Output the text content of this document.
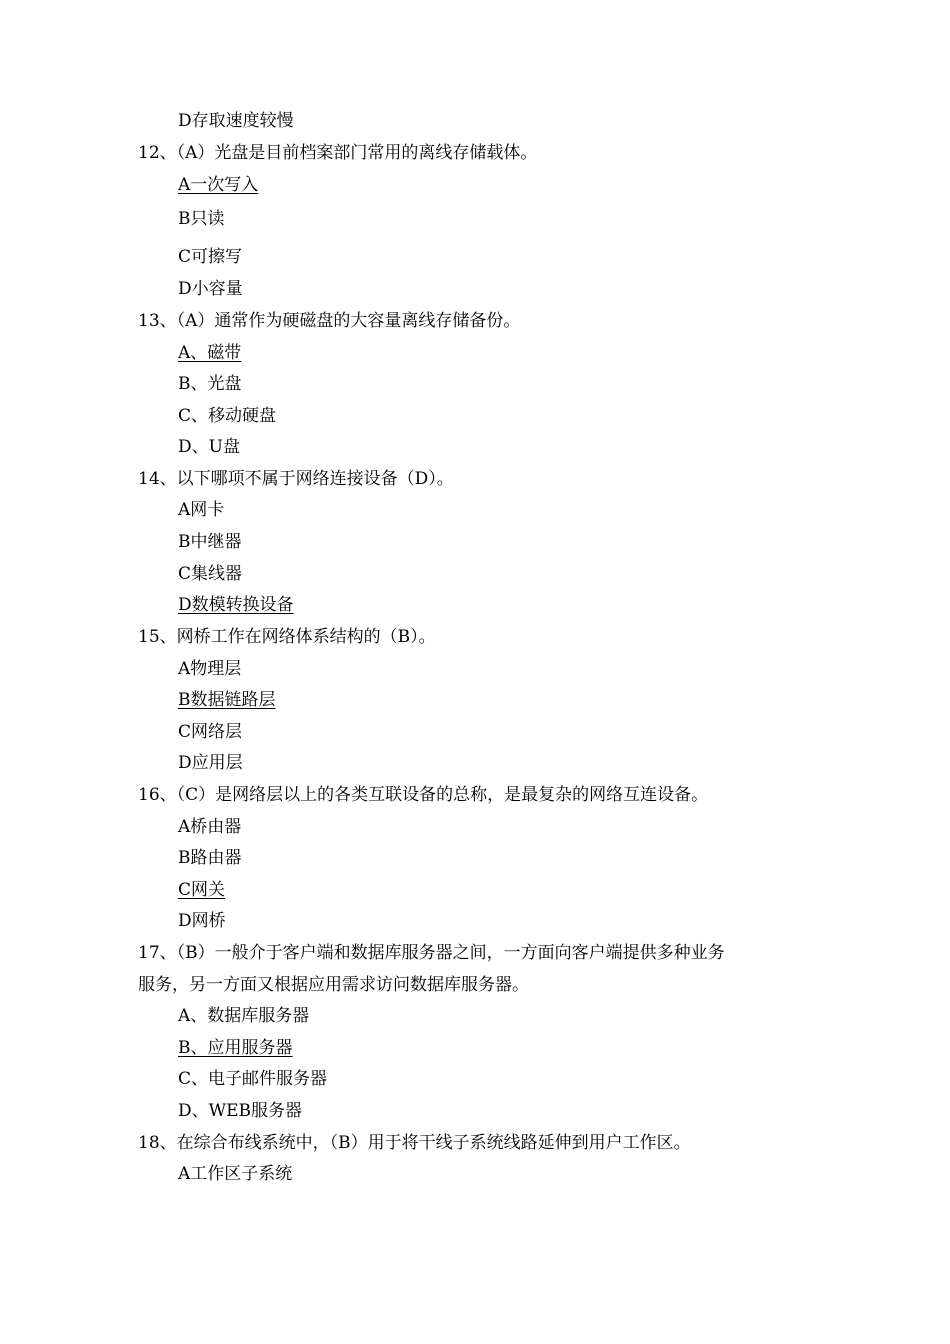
D存取速度较慢
12、（A）光盘是目前档案部门常用的离线存储载体。
A一次写入
B只读
C可擦写
D小容量
13、（A）通常作为硬磁盘的大容量离线存储备份。
A、磁带
B、光盘
C、移动硬盘
D、U盘
14、以下哪项不属于网络连接设备（D）。
A网卡
B中继器
C集线器
D数模转换设备
15、网桥工作在网络体系结构的（B）。
A物理层
B数据链路层
C网络层
D应用层
16、（C）是网络层以上的各类互联设备的总称，是最复杂的网络互连设备。
A桥由器
B路由器
C网关
D网桥
17、（B）一般介于客户端和数据库服务器之间，一方面向客户端提供多种业务
服务，另一方面又根据应用需求访问数据库服务器。
A、数据库服务器
B、应用服务器
C、电子邮件服务器
D、WEB服务器
18、在综合布线系统中，（B）用于将干线子系统线路延伸到用户工作区。
A工作区子系统
